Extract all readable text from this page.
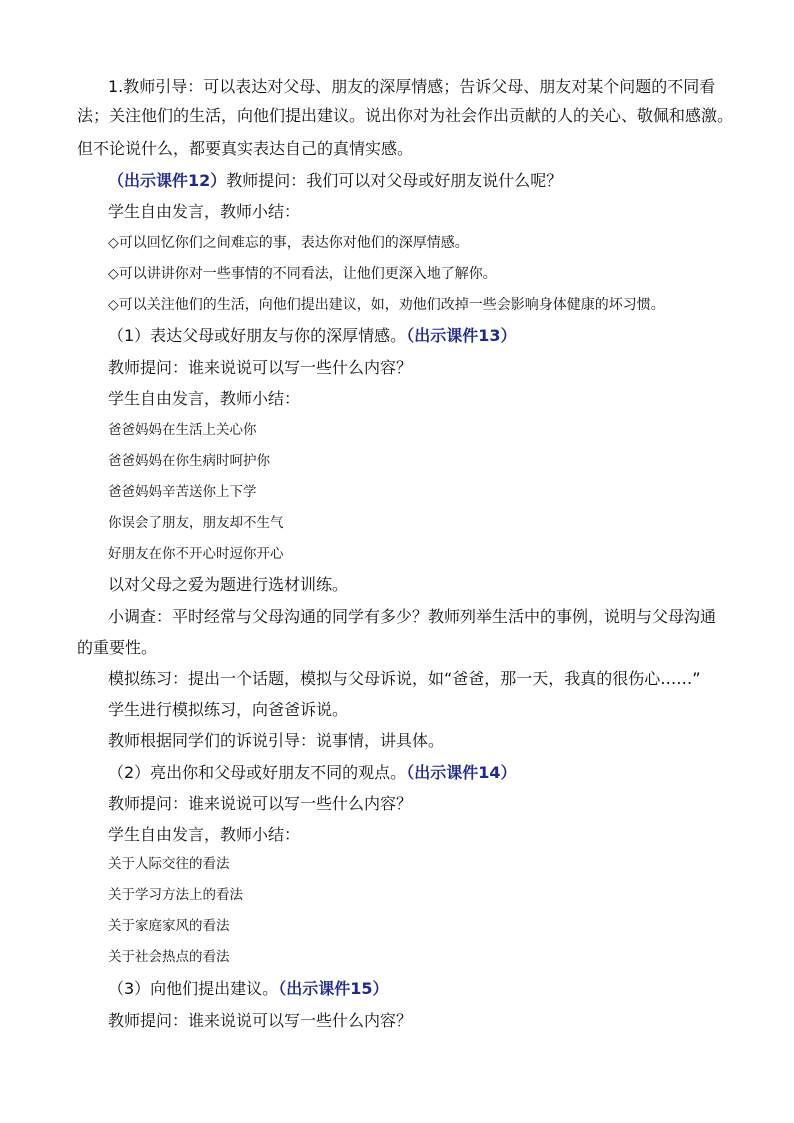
1.教师引导：可以表达对父母、朋友的深厚情感；告诉父母、朋友对某个问题的不同看
法；关注他们的生活，向他们提出建议。说出你对为社会作出贡献的人的关心、敬佩和感激。
但不论说什么，都要真实表达自己的真情实感。
（出示课件12）教师提问：我们可以对父母或好朋友说什么呢？
学生自由发言，教师小结：
◇可以回忆你们之间难忘的事，表达你对他们的深厚情感。
◇可以讲讲你对一些事情的不同看法，让他们更深入地了解你。
◇可以关注他们的生活，向他们提出建议，如，劝他们改掉一些会影响身体健康的坏习惯。
（1）表达父母或好朋友与你的深厚情感。（出示课件13）
教师提问：谁来说说可以写一些什么内容？
学生自由发言，教师小结：
爸爸妈妈在生活上关心你
爸爸妈妈在你生病时呵护你
爸爸妈妈辛苦送你上下学
你误会了朋友，朋友却不生气
好朋友在你不开心时逗你开心
以对父母之爱为题进行选材训练。
小调查：平时经常与父母沟通的同学有多少？教师列举生活中的事例，说明与父母沟通
的重要性。
模拟练习：提出一个话题，模拟与父母诉说，如“爸爸，那一天，我真的很伤心……”
学生进行模拟练习，向爸爸诉说。
教师根据同学们的诉说引导：说事情，讲具体。
（2）亮出你和父母或好朋友不同的观点。（出示课件14）
教师提问：谁来说说可以写一些什么内容？
学生自由发言，教师小结：
关于人际交往的看法
关于学习方法上的看法
关于家庭家风的看法
关于社会热点的看法
（3）向他们提出建议。（出示课件15）
教师提问：谁来说说可以写一些什么内容？
